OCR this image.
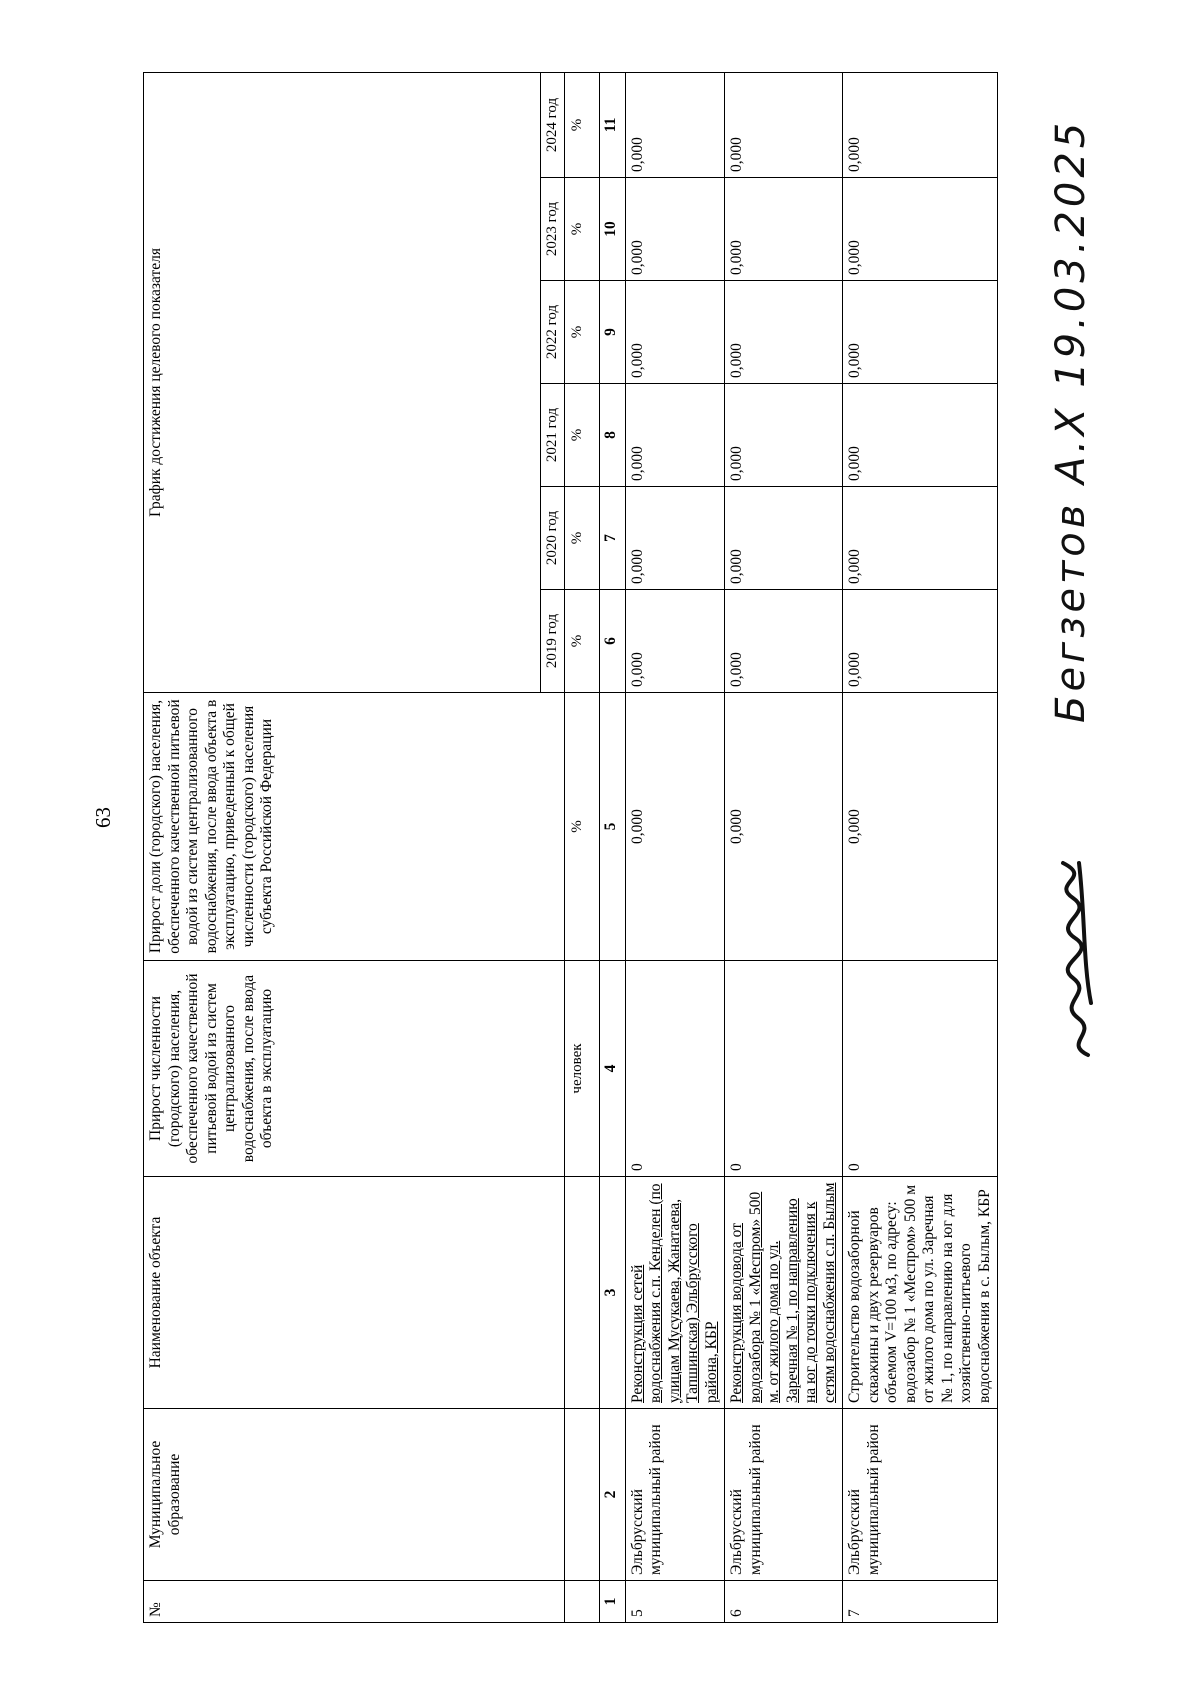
63
№	Муниципальное образование	Наименование объекта	Прирост численности (городского) населения, обеспеченного качественной питьевой водой из систем централизованного водоснабжения, после ввода объекта в эксплуатацию	Прирост доли (городского) населения, обеспеченного качественной питьевой водой из систем централизованного водоснабжения, после ввода объекта в эксплуатацию, приведенный к общей численности (городского) населения субъекта Российской Федерации	График достижения целевого показателя					
					2019 год	2020 год	2021 год	2022 год	2023 год	2024 год
			человек	%	%	%	%	%	%	%
1	2	3	4	5	6	7	8	9	10	11
5	Эльбрусский муниципальный район	Реконструкция сетей водоснабжения с.п. Кенделен (по улицам Мусукаева, Жанатаева, Тапшинская) Эльбрусского района, КБР	0	0,000	0,000	0,000	0,000	0,000	0,000	0,000
6	Эльбрусский муниципальный район	Реконструкция водовода от водозабора № 1 «Меспром» 500 м. от жилого дома по ул. Заречная № 1, по направлению на юг до точки подключения к сетям водоснабжения с.п. Былым	0	0,000	0,000	0,000	0,000	0,000	0,000	0,000
7	Эльбрусский муниципальный район	Строительство водозаборной скважины и двух резервуаров объемом V=100 м3, по адресу: водозабор № 1 «Меспром» 500 м от жилого дома по ул. Заречная № 1, по направлению на юг для хозяйственно-питьевого водоснабжения в с. Былым, КБР	0	0,000	0,000	0,000	0,000	0,000	0,000	0,000	Бегзетов А.Х 19.03.2025
